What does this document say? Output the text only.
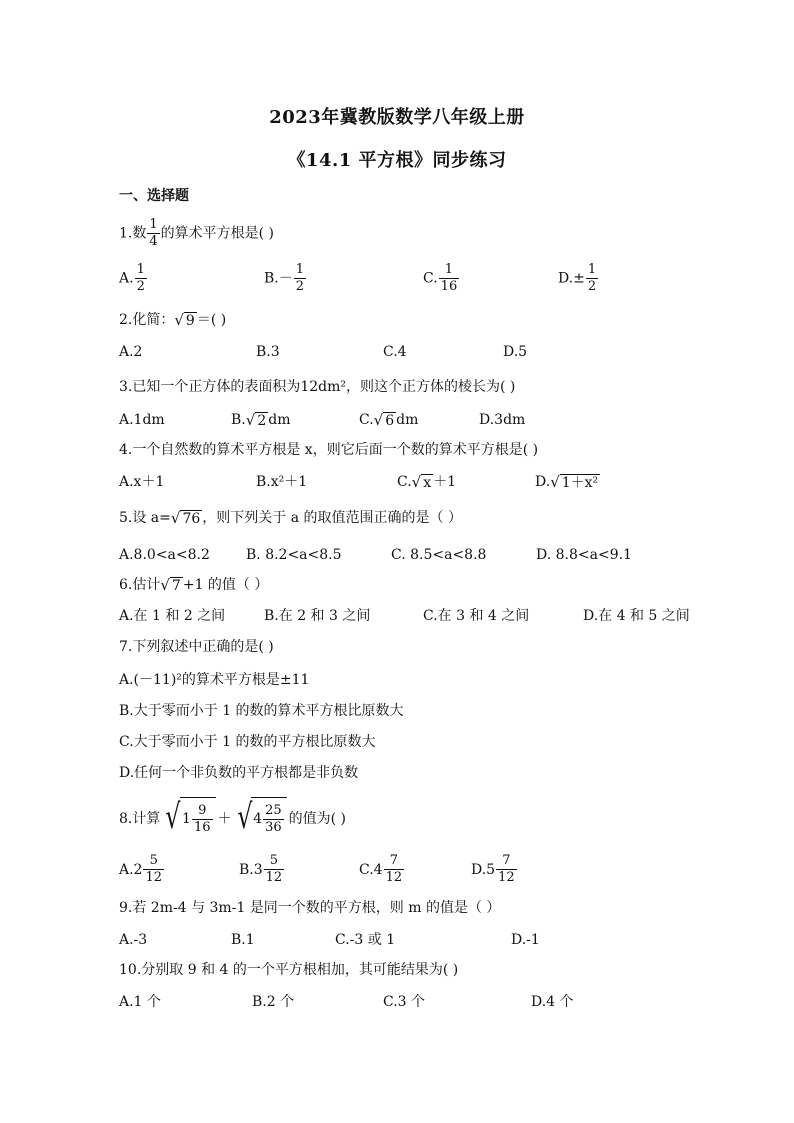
2023年冀教版数学八年级上册
《14.1 平方根》同步练习
一、选择题
1.数 $\frac{1}{4}$ 的算术平方根是( )
A. $\frac{1}{2}$	$B.- \frac{1}{2}$	C. $\frac{1}{16}$	$D.\pm \frac{1}{2}$
2.化简： √ 9 ＝( )
A.2	B.3	C.4	D.5
3.已知一个正方体的表面积为12dm²，则这个正方体的棱长为( )
A.1dm	B. √ 2 dm	C. √ 6 dm	D.3dm
4.一个自然数的算术平方根是 x，则它后面一个数的算术平方根是( )
A.x＋1	B.x²＋1	C. √ x ＋1	D. √ 1＋x²
5.设 a= √ 76 ，则下列关于 a 的取值范围正确的是（ ）
A.8.0<a<8.2	B. 8.2<a<8.5	C. 8.5<a<8.8	D. 8.8<a<9.1
6.估计 √ 7 +1 的值（ ）
A.在 1 和 2 之间	B.在 2 和 3 之间	C.在 3 和 4 之间	D.在 4 和 5 之间
7.下列叙述中正确的是( )
A.(－11)²的算术平方根是±11
B.大于零而小于 1 的数的算术平方根比原数大
C.大于零而小于 1 的数的平方根比原数大
D.任何一个非负数的平方根都是非负数
8.计算 √ $1 \frac{9}{16}$ ＋ √ $4 \frac{25}{36}$ 的值为( )
$A.2 \frac{5}{12}$	$B.3 \frac{5}{12}$	$C.4 \frac{7}{12}$	$D.5 \frac{7}{12}$
9.若 2m-4 与 3m-1 是同一个数的平方根，则 m 的值是（ ）
A.-3	B.1	C.-3 或 1	D.-1
10.分别取 9 和 4 的一个平方根相加，其可能结果为( )
A.1 个	B.2 个	C.3 个	D.4 个
